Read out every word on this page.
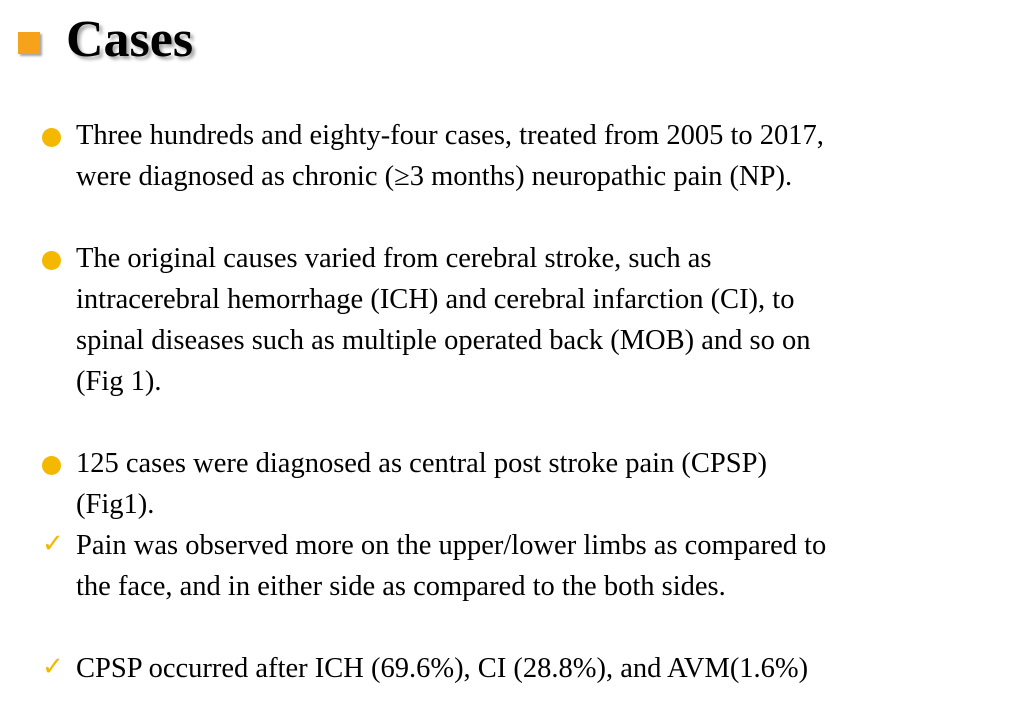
Cases
Three hundreds and eighty-four cases, treated from 2005 to 2017,
were diagnosed as chronic (≥3 months) neuropathic pain (NP).
The original causes varied from cerebral stroke, such as
intracerebral hemorrhage (ICH) and cerebral infarction (CI), to
spinal diseases such as multiple operated back (MOB) and so on
(Fig 1).
125 cases were diagnosed as central post stroke pain (CPSP)
(Fig1).
✓ Pain was observed more on the upper/lower limbs as compared to
the face, and in either side as compared to the both sides.
✓ CPSP occurred after ICH (69.6%), CI (28.8%), and AVM(1.6%)
